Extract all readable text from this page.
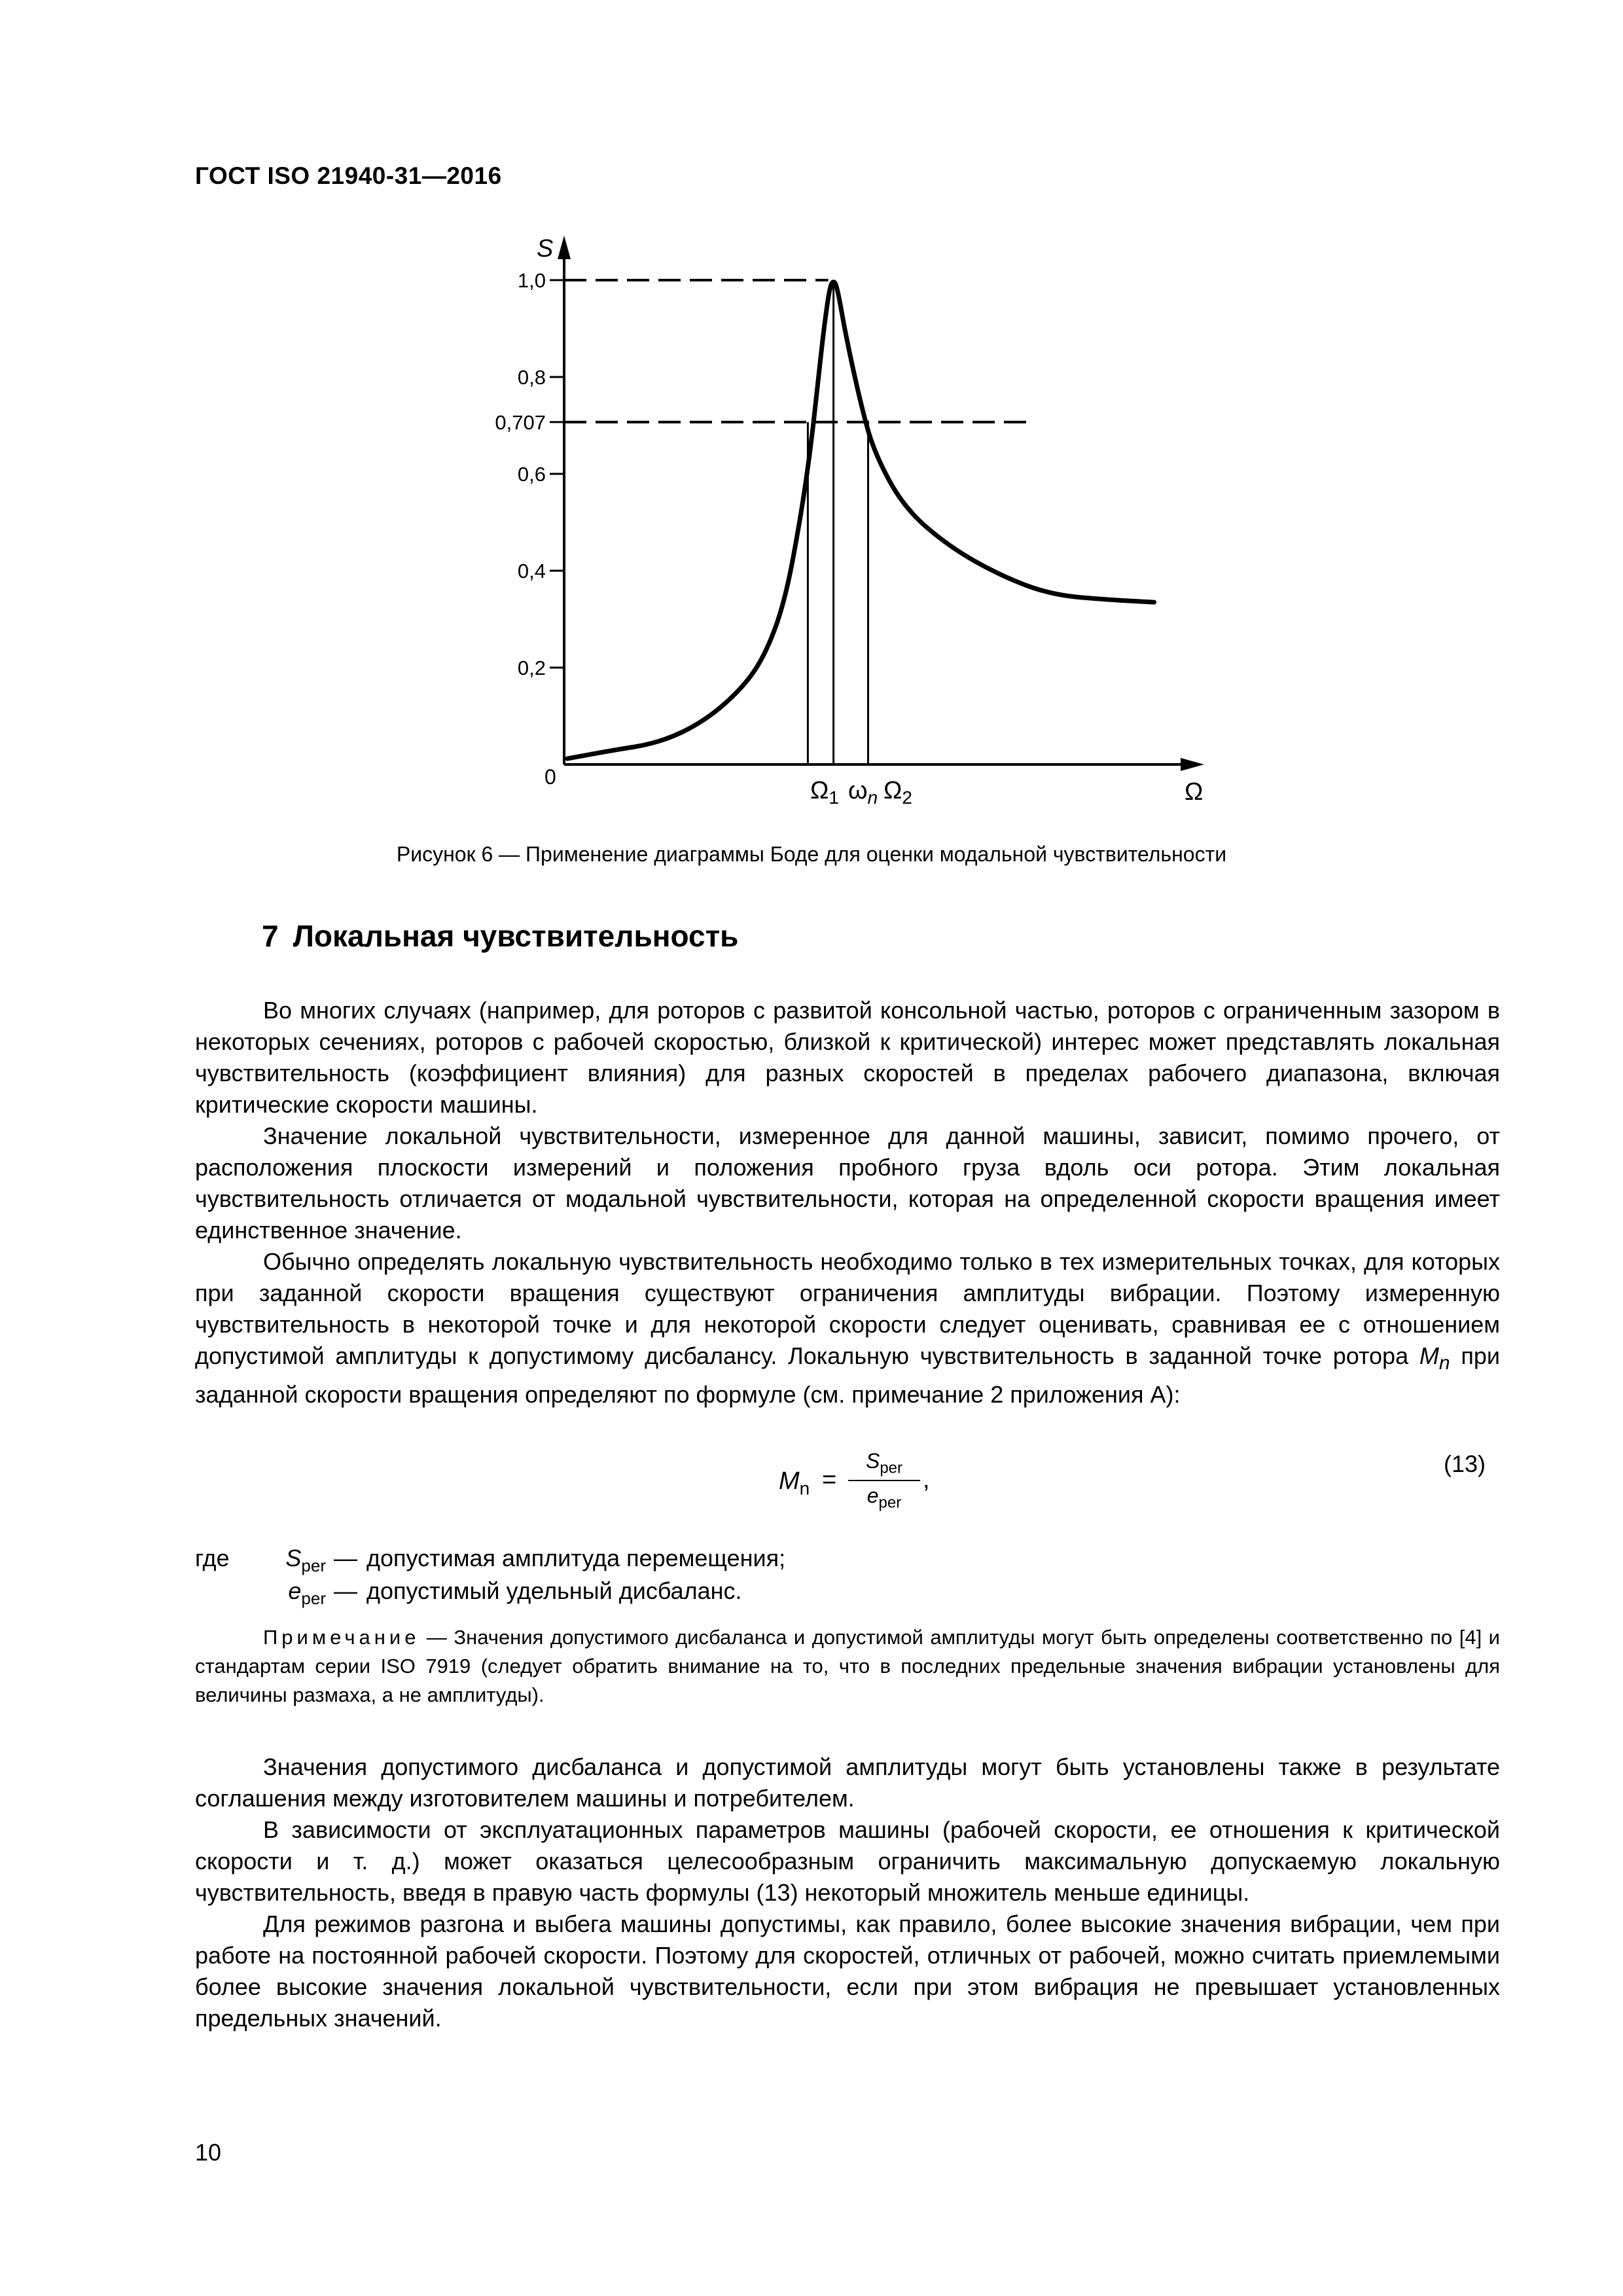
ГОСТ ISO 21940-31—2016
1,0
0,8
0,707
0,6
0,4
0,2
$\Omega_1$ $\omega_n$ $\Omega_2$
S
Ω
0
Рисунок 6 — Применение диаграммы Боде для оценки модальной чувствительности
7 Локальная чувствительность

Во многих случаях (например, для роторов с развитой консольной частью, роторов с ограниченным зазором в некоторых сечениях, роторов с рабочей скоростью, близкой к критической) интерес может представлять локальная чувствительность (коэффициент влияния) для разных скоростей в пределах рабочего диапазона, включая критические скорости машины.

Значение локальной чувствительности, измеренное для данной машины, зависит, помимо прочего, от расположения плоскости измерений и положения пробного груза вдоль оси ротора. Этим локальная чувствительность отличается от модальной чувствительности, которая на определенной скорости вращения имеет единственное значение.

Обычно определять локальную чувствительность необходимо только в тех измерительных точках, для которых при заданной скорости вращения существуют ограничения амплитуды вибрации. Поэтому измеренную чувствительность в некоторой точке и для некоторой скорости следует оценивать, сравнивая ее с отношением допустимой амплитуды к допустимому дисбалансу. Локальную чувствительность в заданной точке ротора $M_n$ при заданной скорости вращения определяют по формуле (см. примечание 2 приложения А):

$M_n$ =
$S_{per}$
$e_{per}$
,
(13)
где	$S_{per}$ — допустимая амплитуда перемещения;
$e_{per}$ — допустимый удельный дисбаланс.

Примечание — Значения допустимого дисбаланса и допустимой амплитуды могут быть определены соответственно по [4] и стандартам серии ISO 7919 (следует обратить внимание на то, что в последних предельные значения вибрации установлены для величины размаха, а не амплитуды).

Значения допустимого дисбаланса и допустимой амплитуды могут быть установлены также в результате соглашения между изготовителем машины и потребителем.

В зависимости от эксплуатационных параметров машины (рабочей скорости, ее отношения к критической скорости и т. д.) может оказаться целесообразным ограничить максимальную допускаемую локальную чувствительность, введя в правую часть формулы (13) некоторый множитель меньше единицы.

Для режимов разгона и выбега машины допустимы, как правило, более высокие значения вибрации, чем при работе на постоянной рабочей скорости. Поэтому для скоростей, отличных от рабочей, можно считать приемлемыми более высокие значения локальной чувствительности, если при этом вибрация не превышает установленных предельных значений.

10
